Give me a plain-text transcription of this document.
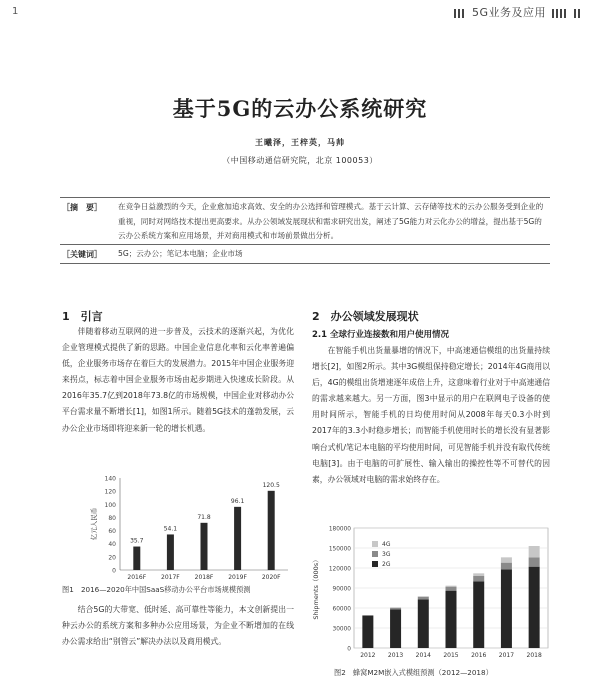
1	5G业务及应用
基于5G的云办公系统研究
王曦泽，王梓英，马帅
（中国移动通信研究院，北京 100053）
［摘　要］ 在竞争日益激烈的今天，企业愈加追求高效、安全的办公选择和管理模式。基于云计算、云存储等技术的云办公服务受到企业的重视，同时对网络技术提出更高要求。从办公领域发展现状和需求研究出发，阐述了5G能力对云化办公的增益，提出基于5G的云办公系统方案和应用场景，并对商用模式和市场前景做出分析。
［关键词］ 5G；云办公；笔记本电脑；企业市场
1　引言

伴随着移动互联网的进一步普及，云技术的逐渐兴起，为优化企业管理模式提供了新的思路。中国企业信息化率和云化率普遍偏低，企业服务市场存在着巨大的发展潜力。2015年中国企业服务迎来拐点，标志着中国企业服务市场由起步期进入快速成长阶段。从2016年35.7亿到2018年73.8亿的市场规模，中国企业对移动办公平台需求量不断增长[1]，如图1所示。随着5G技术的蓬勃发展，云办公企业市场即将迎来新一轮的增长机遇。

0
20
40
60
80
100
120
140
亿元人民币
35.7
2016F
54.1
2017F
71.8
2018F
96.1
2019F
120.5
2020F
图1　2016—2020年中国SaaS移动办公平台市场规模预测

结合5G的大带宽、低时延、高可靠性等能力，本文创新提出一种云办公的系统方案和多种办公应用场景，为企业不断增加的在线办公需求给出“别管云”解决办法以及商用模式。

2　办公领域发展现状
2.1 全球行业连接数和用户使用情况

在智能手机出货量暴增的情况下，中高速通信模组的出货量持续增长[2]，如图2所示。其中3G模组保持稳定增长；2014年4G商用以后，4G的模组出货增速逐年成倍上升，这意味着行业对于中高速通信的需求越来越大。另一方面，图3中显示的用户在联网电子设备的使用时间所示，智能手机的日均使用时间从2008年每天0.3小时到2017年的3.3小时稳步增长；而智能手机使用时长的增长没有显著影响台式机/笔记本电脑的平均使用时间，可见智能手机并没有取代传统电脑[3]。由于电脑的可扩展性、输入输出的操控性等不可替代的因素，办公领域对电脑的需求始终存在。

0
30000
60000
90000
120000
150000
180000
Shipments（000s）
2012 2013 2014 2015 2016 2017 2018
4G
3G
2G
图2　蜂窝M2M嵌入式模组预测（2012—2018）
